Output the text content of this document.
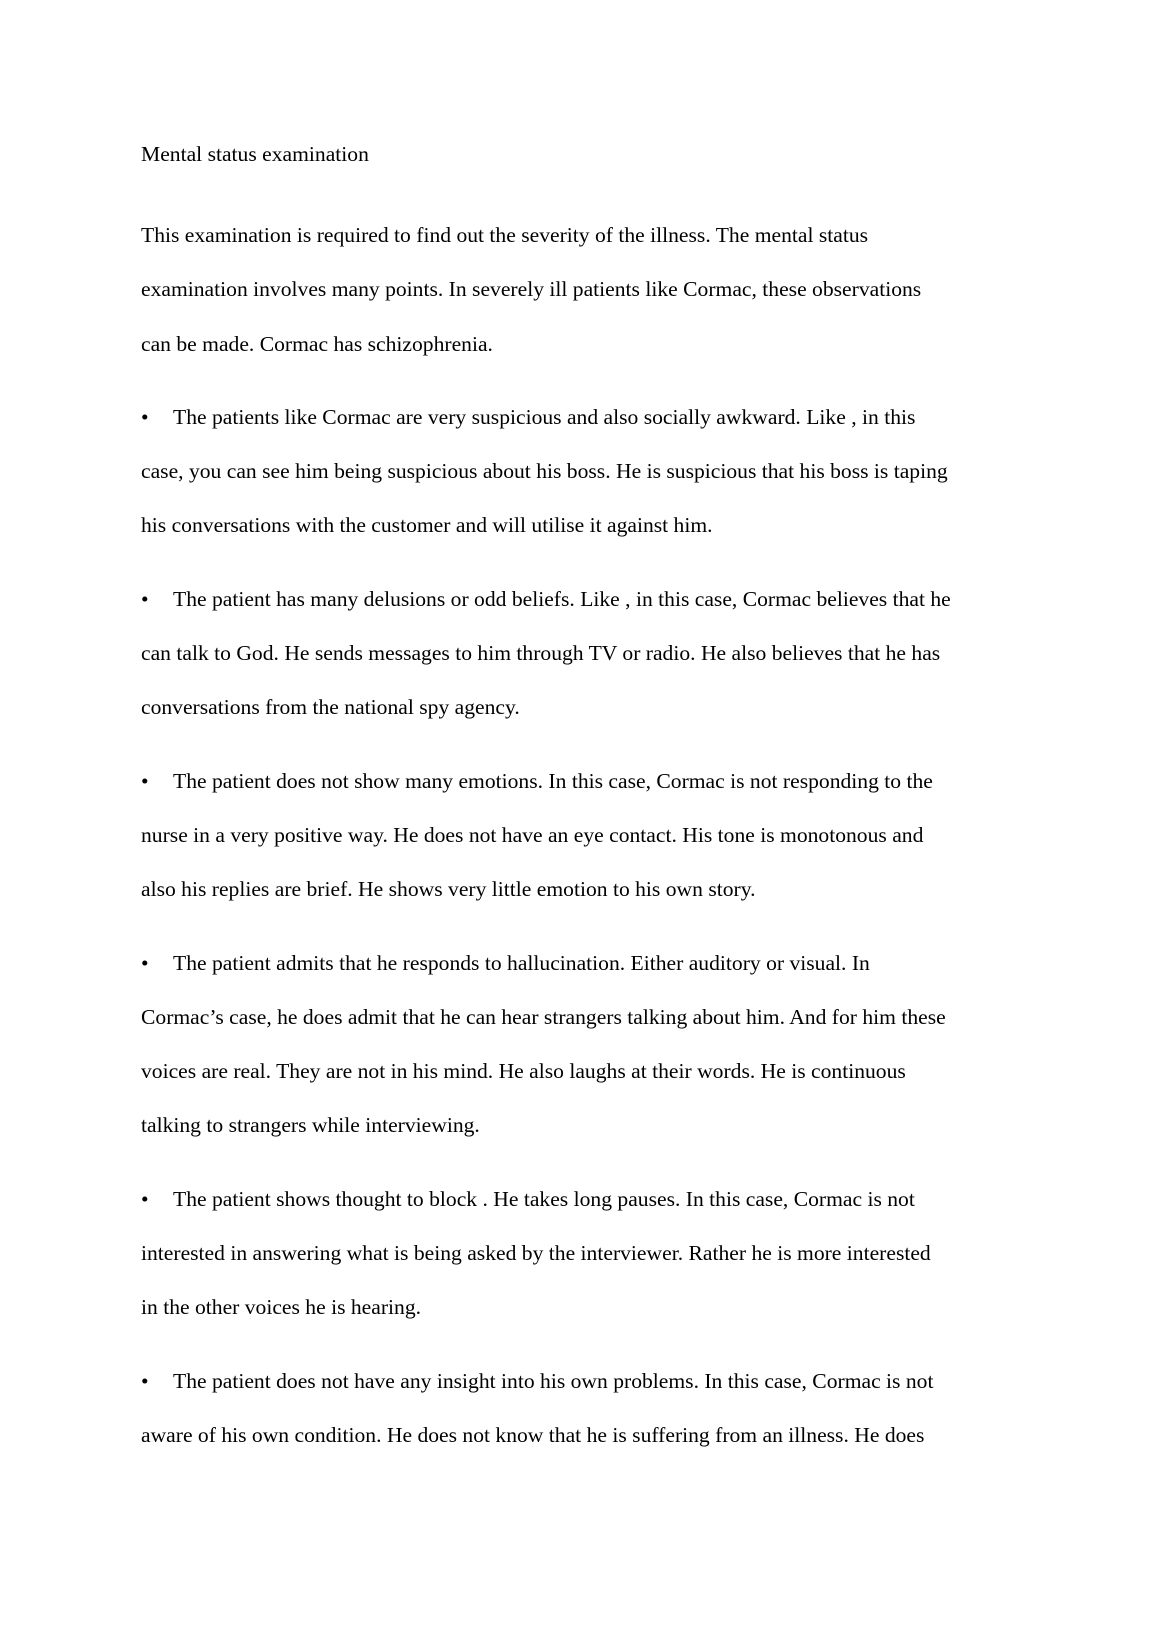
Mental status examination
This examination is required to find out the severity of the illness. The mental status
examination involves many points. In severely ill patients like Cormac, these observations
can be made. Cormac has schizophrenia.
• The patients like Cormac are very suspicious and also socially awkward. Like , in this
case, you can see him being suspicious about his boss. He is suspicious that his boss is taping
his conversations with the customer and will utilise it against him.
• The patient has many delusions or odd beliefs. Like , in this case, Cormac believes that he
can talk to God. He sends messages to him through TV or radio. He also believes that he has
conversations from the national spy agency.
• The patient does not show many emotions. In this case, Cormac is not responding to the
nurse in a very positive way. He does not have an eye contact. His tone is monotonous and
also his replies are brief. He shows very little emotion to his own story.
• The patient admits that he responds to hallucination. Either auditory or visual. In
Cormac’s case, he does admit that he can hear strangers talking about him. And for him these
voices are real. They are not in his mind. He also laughs at their words. He is continuous
talking to strangers while interviewing.
• The patient shows thought to block . He takes long pauses. In this case, Cormac is not
interested in answering what is being asked by the interviewer. Rather he is more interested
in the other voices he is hearing.
• The patient does not have any insight into his own problems. In this case, Cormac is not
aware of his own condition. He does not know that he is suffering from an illness. He does
